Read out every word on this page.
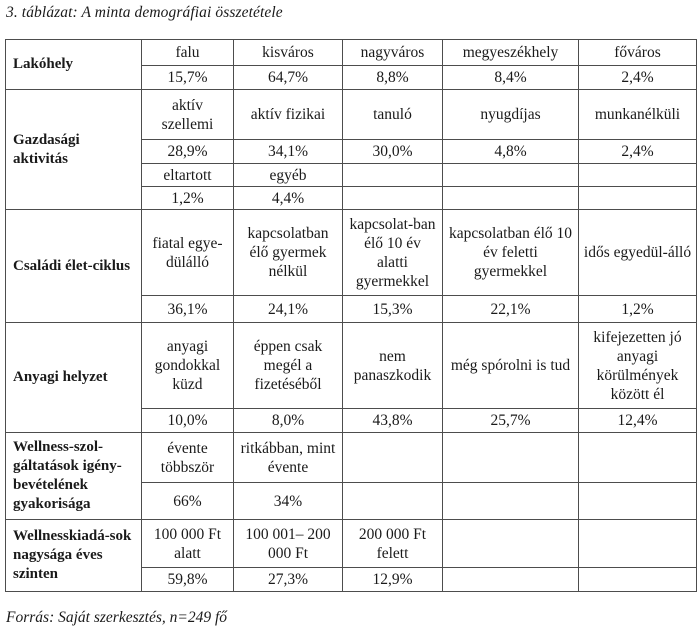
3. táblázat: A minta demográfiai összetétele
Lakóhely	falu	kisváros	nagyváros	megyeszékhely	főváros
	15,7%	64,7%	8,8%	8,4%	2,4%
Gazdasági aktivitás	aktív szellemi	aktív fizikai	tanuló	nyugdíjas	munkanélküli
	28,9%	34,1%	30,0%	4,8%	2,4%
	eltartott	egyéb			
	1,2%	4,4%			
Családi élet-ciklus	fiatal egye-dülálló	kapcsolatban élő gyermek nélkül	kapcsolat-ban élő 10 év alatti gyermekkel	kapcsolatban élő 10 év feletti gyermekkel	idős egyedül-álló
	36,1%	24,1%	15,3%	22,1%	1,2%
Anyagi helyzet	anyagi gondokkal küzd	éppen csak megél a fizetéséből	nem panaszkodik	még spórolni is tud	kifejezetten jó anyagi körülmények között él
	10,0%	8,0%	43,8%	25,7%	12,4%
Wellness-szol-gáltatások igény-bevételének gyakorisága	évente többször	ritkábban, mint évente			
	66%	34%			
Wellnesskiadá-sok nagysága éves szinten	100 000 Ft alatt	100 001– 200 000 Ft	200 000 Ft felett		
	59,8%	27,3%	12,9%		
Forrás: Saját szerkesztés, n=249 fő
